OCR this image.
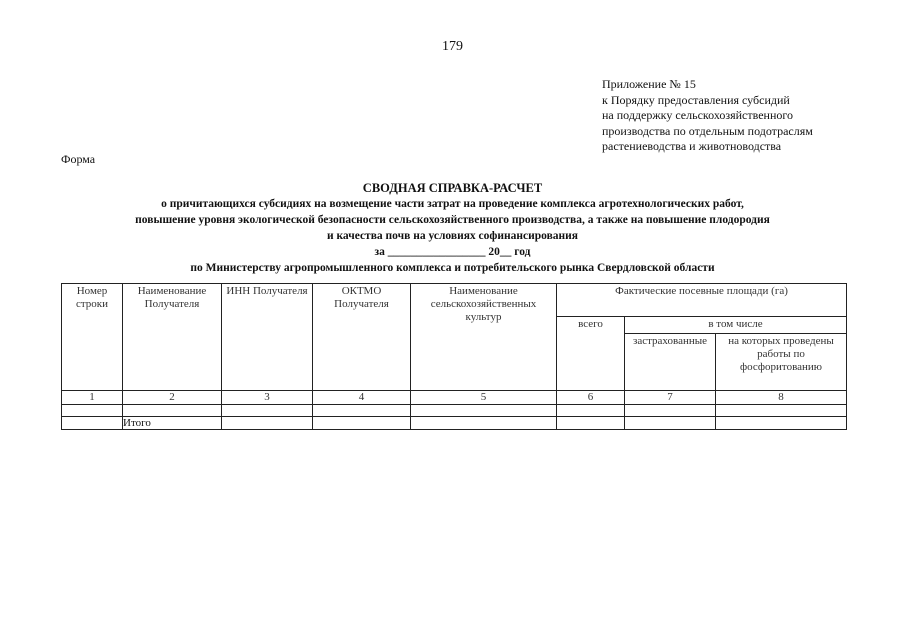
179
Приложение № 15
к Порядку предоставления субсидий
на поддержку сельскохозяйственного
производства по отдельным подотраслям
растениеводства и животноводства
Форма
СВОДНАЯ СПРАВКА-РАСЧЕТ
о причитающихся субсидиях на возмещение части затрат на проведение комплекса агротехнологических работ,
повышение уровня экологической безопасности сельскохозяйственного производства, а также на повышение плодородия
и качества почв на условиях софинансирования
за _________________ 20__ год
по Министерству агропромышленного комплекса и потребительского рынка Свердловской области
Номер строки	Наименование Получателя	ИНН Получателя	ОКТМО Получателя	Наименование сельскохозяйственных культур	Фактические посевные площади (га)		
					всего	в том числе	
						застрахованные	на которых проведены работы по фосфоритованию
1	2	3	4	5	6	7	8

	Итого						
